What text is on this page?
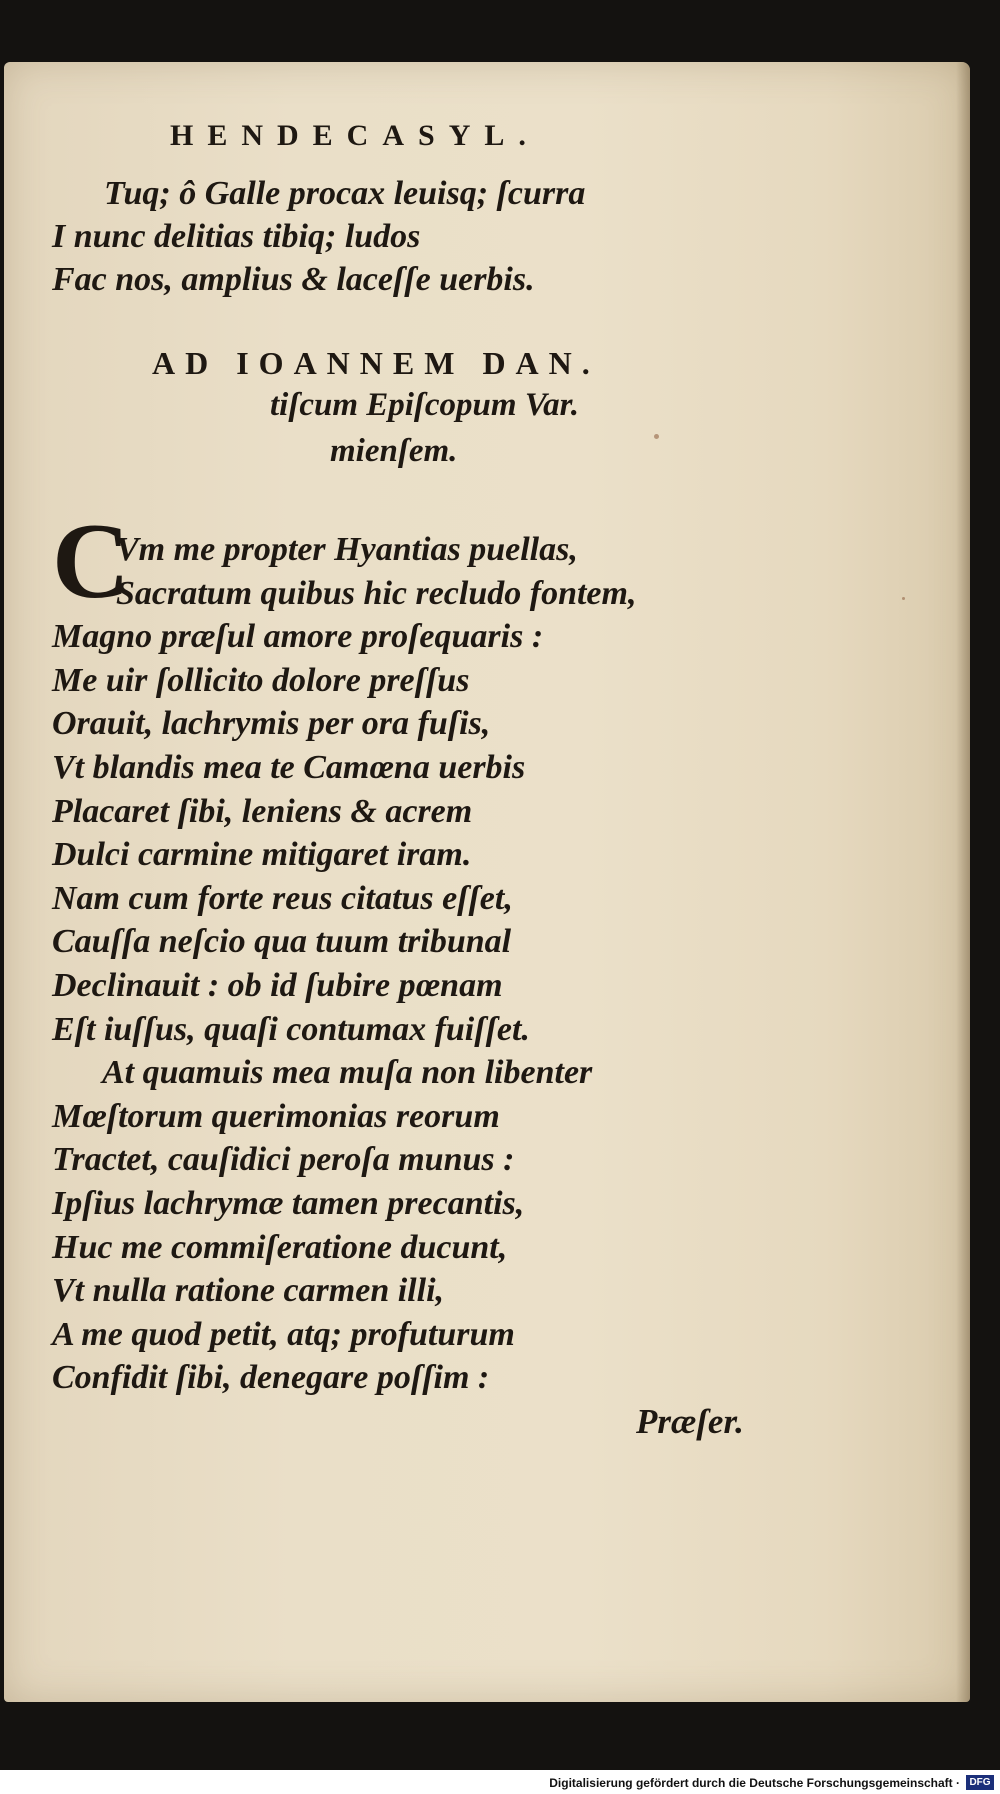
HENDECASYL.
Tuq; ô Galle procax leuisq; ſcurra
I nunc delitias tibiq; ludos
Fac nos, amplius & laceſſe uerbis.
AD IOANNEM DAN.
tiſcum Epiſcopum Var.
mienſem.
C
Vm me propter Hyantias puellas,
Sacratum quibus hic recludo fontem,
Magno præſul amore proſequaris :
Me uir ſollicito dolore preſſus
Orauit, lachrymis per ora fuſis,
Vt blandis mea te Camœna uerbis
Placaret ſibi, leniens & acrem
Dulci carmine mitigaret iram.
Nam cum forte reus citatus eſſet,
Cauſſa neſcio qua tuum tribunal
Declinauit : ob id ſubire pœnam
Eſt iuſſus, quaſi contumax fuiſſet.
At quamuis mea muſa non libenter
Mœſtorum querimonias reorum
Tractet, cauſidici peroſa munus :
Ipſius lachrymæ tamen precantis,
Huc me commiſeratione ducunt,
Vt nulla ratione carmen illi,
A me quod petit, atq; profuturum
Confidit ſibi, denegare poſſim :
Præſer.
Digitalisierung gefördert durch die Deutsche Forschungsgemeinschaft · DFG
